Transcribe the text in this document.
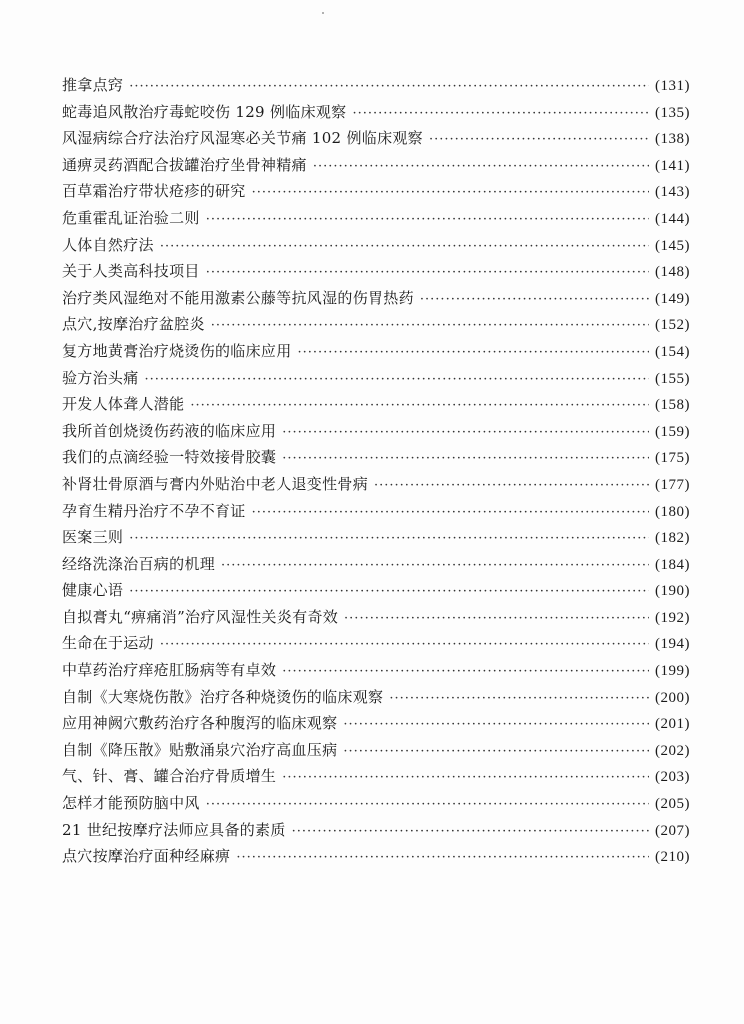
推拿点窍 ·····	(131)
蛇毒追风散治疗毒蛇咬伤 129 例临床观察 ·····	(135)
风湿病综合疗法治疗风湿寒必关节痛 102 例临床观察 ·····	(138)
通痹灵药酒配合拔罐治疗坐骨神精痛 ·····	(141)
百草霜治疗带状疮疹的研究 ·····	(143)
危重霍乱证治验二则 ·····	(144)
人体自然疗法 ·····	(145)
关于人类高科技项目 ·····	(148)
治疗类风湿绝对不能用激素公藤等抗风湿的伤胃热药 ·····	(149)
点穴,按摩治疗盆腔炎 ·····	(152)
复方地黄膏治疗烧烫伤的临床应用 ·····	(154)
验方治头痛 ·····	(155)
开发人体聋人潜能 ·····	(158)
我所首创烧烫伤药液的临床应用 ·····	(159)
我们的点滴经验一特效接骨胶囊 ·····	(175)
补肾壮骨原酒与膏内外贴治中老人退变性骨病 ·····	(177)
孕育生精丹治疗不孕不育证 ·····	(180)
医案三则 ·····	(182)
经络洗涤治百病的机理 ·····	(184)
健康心语 ·····	(190)
自拟膏丸“痹痛消”治疗风湿性关炎有奇效 ·····	(192)
生命在于运动 ·····	(194)
中草药治疗痒疮肛肠病等有卓效 ·····	(199)
自制《大寒烧伤散》治疗各种烧烫伤的临床观察 ·····	(200)
应用神阙穴敷药治疗各种腹泻的临床观察 ·····	(201)
自制《降压散》贴敷涌泉穴治疗高血压病 ·····	(202)
气、针、膏、罐合治疗骨质增生 ·····	(203)
怎样才能预防脑中风 ·····	(205)
21 世纪按摩疗法师应具备的素质 ·····	(207)
点穴按摩治疗面种经麻痹 ·····	(210)
